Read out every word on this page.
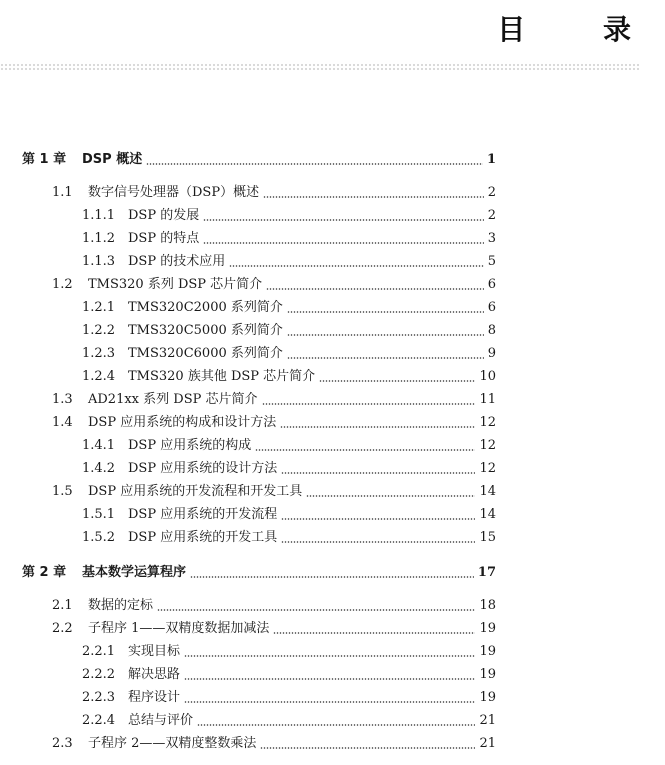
目 录
第 1 章 DSP 概述	1
1.1 数字信号处理器（DSP）概述	2
1.1.1 DSP 的发展	2
1.1.2 DSP 的特点	3
1.1.3 DSP 的技术应用	5
1.2 TMS320 系列 DSP 芯片简介	6
1.2.1 TMS320C2000 系列简介	6
1.2.2 TMS320C5000 系列简介	8
1.2.3 TMS320C6000 系列简介	9
1.2.4 TMS320 族其他 DSP 芯片简介	10
1.3 AD21xx 系列 DSP 芯片简介	11
1.4 DSP 应用系统的构成和设计方法	12
1.4.1 DSP 应用系统的构成	12
1.4.2 DSP 应用系统的设计方法	12
1.5 DSP 应用系统的开发流程和开发工具	14
1.5.1 DSP 应用系统的开发流程	14
1.5.2 DSP 应用系统的开发工具	15
第 2 章 基本数学运算程序	17
2.1 数据的定标	18
2.2 子程序 1——双精度数据加减法	19
2.2.1 实现目标	19
2.2.2 解决思路	19
2.2.3 程序设计	19
2.2.4 总结与评价	21
2.3 子程序 2——双精度整数乘法	21
